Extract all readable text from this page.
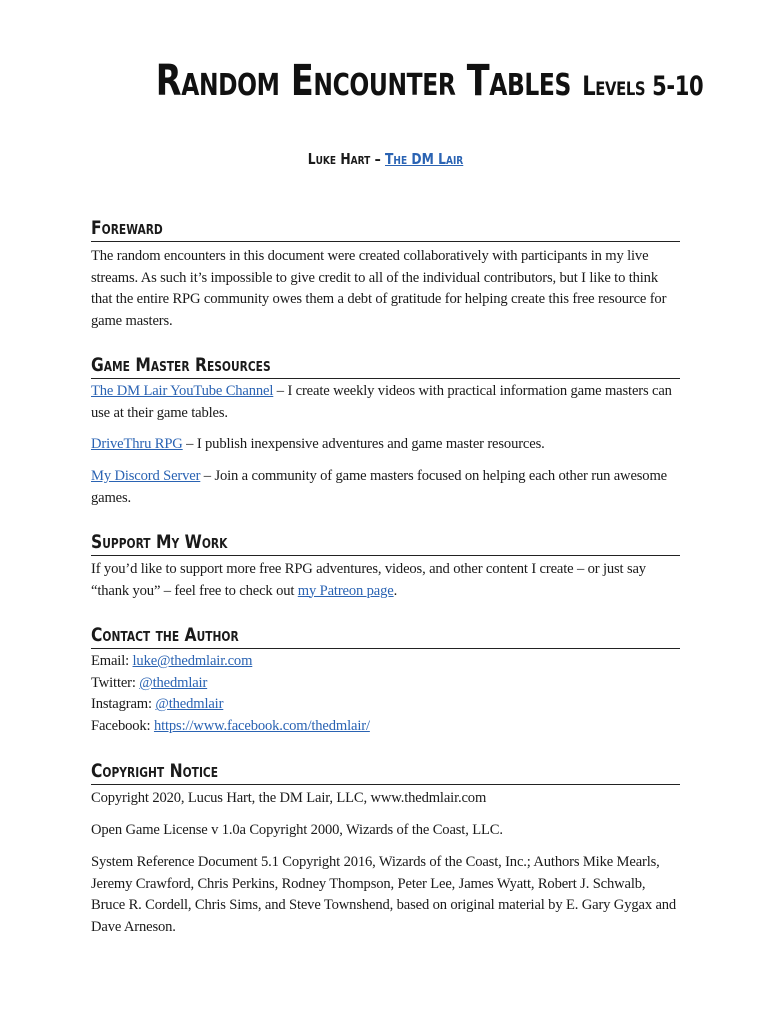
Random Encounter Tables Levels 5-10
Luke Hart – The DM Lair
Foreward

The random encounters in this document were created collaboratively with participants in my live streams. As such it’s impossible to give credit to all of the individual contributors, but I like to think that the entire RPG community owes them a debt of gratitude for helping create this free resource for game masters.

Game Master Resources

The DM Lair YouTube Channel – I create weekly videos with practical information game masters can use at their game tables.

DriveThru RPG – I publish inexpensive adventures and game master resources.

My Discord Server – Join a community of game masters focused on helping each other run awesome games.

Support My Work

If you’d like to support more free RPG adventures, videos, and other content I create – or just say “thank you” – feel free to check out my Patreon page.

Contact the Author

Email: luke@thedmlair.com

Twitter: @thedmlair

Instagram: @thedmlair

Facebook: https://www.facebook.com/thedmlair/

Copyright Notice

Copyright 2020, Lucus Hart, the DM Lair, LLC, www.thedmlair.com

Open Game License v 1.0a Copyright 2000, Wizards of the Coast, LLC.

System Reference Document 5.1 Copyright 2016, Wizards of the Coast, Inc.; Authors Mike Mearls, Jeremy Crawford, Chris Perkins, Rodney Thompson, Peter Lee, James Wyatt, Robert J. Schwalb, Bruce R. Cordell, Chris Sims, and Steve Townshend, based on original material by E. Gary Gygax and Dave Arneson.
